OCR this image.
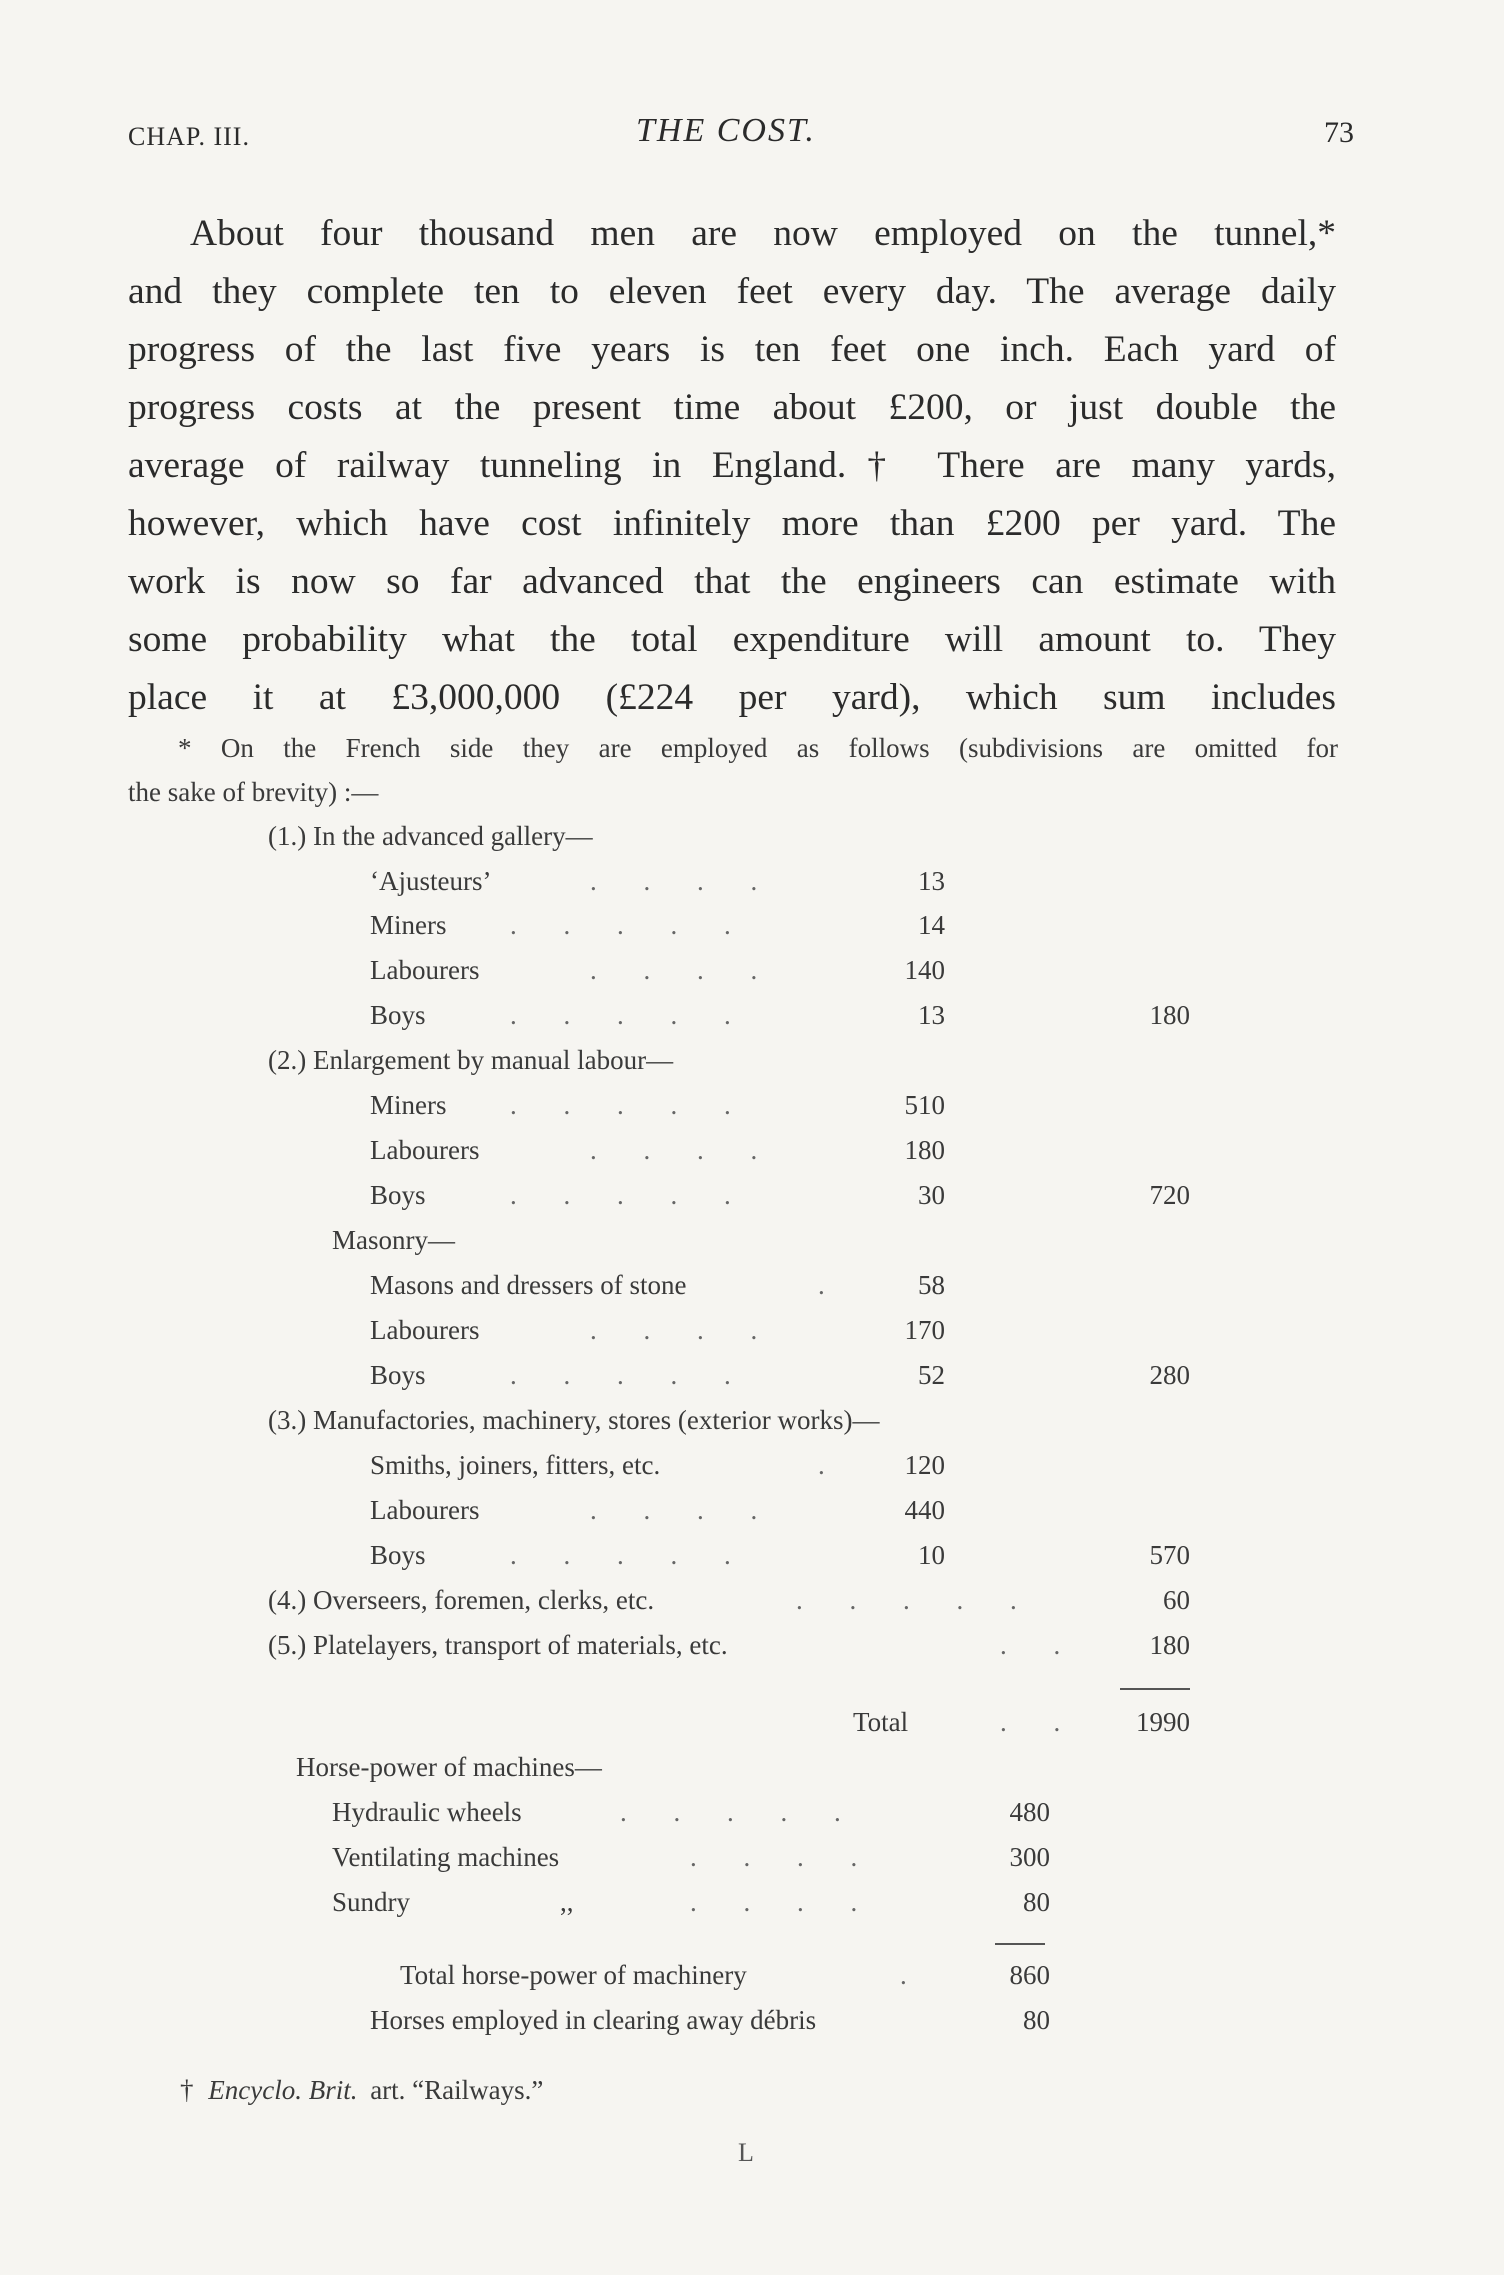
CHAP. III.	THE COST.	73
About four thousand men are now employed on the tunnel,*
and they complete ten to eleven feet every day. The average daily
progress of the last five years is ten feet one inch. Each yard of
progress costs at the present time about £200, or just double the
average of railway tunneling in England.† There are many yards,
however, which have cost infinitely more than £200 per yard. The
work is now so far advanced that the engineers can estimate with
some probability what the total expenditure will amount to. They
place it at £3,000,000 (£224 per yard), which sum includes
* On the French side they are employed as follows (subdivisions are omitted for
the sake of brevity) :—
(1.) In the advanced gallery—
‘Ajusteurs’	. . . .	13
Miners . . . . .	14
Labourers	. . . .	140
Boys	. . . . .	13	180
(2.) Enlargement by manual labour—
Miners . . . . .	510
Labourers	. . . .	180
Boys	. . . . .	30	720
Masonry—
Masons and dressers of stone	.	58
Labourers	. . . .	170
Boys	. . . . .	52	280
(3.) Manufactories, machinery, stores (exterior works)—
Smiths, joiners, fitters, etc.	.	120
Labourers	. . . .	440
Boys	. . . . .	10	570
(4.) Overseers, foremen, clerks, etc.	. . . . .	60
(5.) Platelayers, transport of materials, etc.	. .	180
Total	. .	1990
Horse-power of machines—
Hydraulic wheels	. . . . .	480
Ventilating machines	. . . .	300
Sundry	,,	. . . .	80
Total horse-power of machinery	.	860
Horses employed in clearing away débris	80
† Encyclo. Brit. art. “Railways.”
L
